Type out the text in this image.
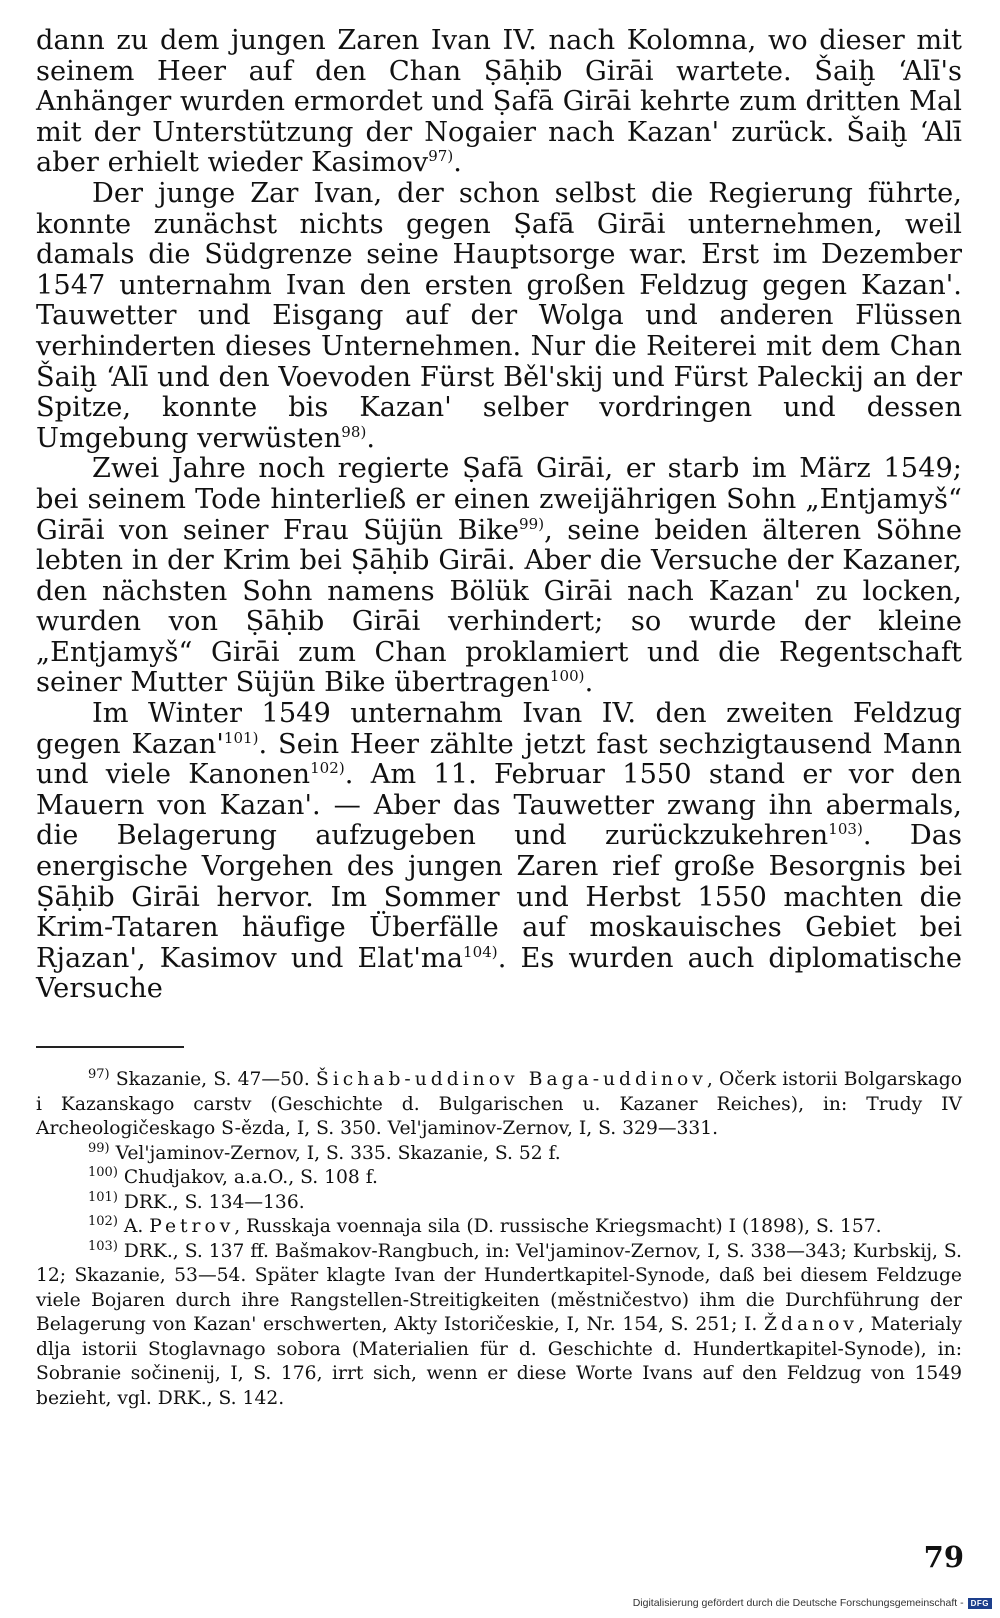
dann zu dem jungen Zaren Ivan IV. nach Kolomna, wo dieser mit seinem Heer auf den Chan Ṣāḥib Girāi wartete. Šaiḫ ‘Alī's Anhänger wurden ermordet und Ṣafā Girāi kehrte zum dritten Mal mit der Unterstützung der Nogaier nach Kazan' zurück. Šaiḫ ‘Alī aber erhielt wieder Kasimov$^{97)}$.

Der junge Zar Ivan, der schon selbst die Regierung führte, konnte zunächst nichts gegen Ṣafā Girāi unternehmen, weil damals die Südgrenze seine Hauptsorge war. Erst im Dezember 1547 unternahm Ivan den ersten großen Feldzug gegen Kazan'. Tauwetter und Eisgang auf der Wolga und anderen Flüssen verhinderten dieses Unternehmen. Nur die Reiterei mit dem Chan Šaiḫ ‘Alī und den Voevoden Fürst Běl'skij und Fürst Paleckij an der Spitze, konnte bis Kazan' selber vordringen und dessen Umgebung verwüsten$^{98)}$.

Zwei Jahre noch regierte Ṣafā Girāi, er starb im März 1549; bei seinem Tode hinterließ er einen zweijährigen Sohn „Entjamyš“ Girāi von seiner Frau Süjün Bike$^{99)}$, seine beiden älteren Söhne lebten in der Krim bei Ṣāḥib Girāi. Aber die Versuche der Kazaner, den nächsten Sohn namens Bölük Girāi nach Kazan' zu locken, wurden von Ṣāḥib Girāi verhindert; so wurde der kleine „Entjamyš“ Girāi zum Chan proklamiert und die Regentschaft seiner Mutter Süjün Bike übertragen$^{100)}$.

Im Winter 1549 unternahm Ivan IV. den zweiten Feldzug gegen $Kazan'^{101)}$. Sein Heer zählte jetzt fast sechzigtausend Mann und viele Kanonen$^{102)}$. Am 11. Februar 1550 stand er vor den Mauern von Kazan'. — Aber das Tauwetter zwang ihn abermals, die Belagerung aufzugeben und zurückzukehren$^{103)}$. Das energische Vorgehen des jungen Zaren rief große Besorgnis bei Ṣāḥib Girāi hervor. Im Sommer und Herbst 1550 machten die Krim-Tataren häufige Überfälle auf moskauisches Gebiet bei Rjazan', Kasimov und $Elat'ma^{104)}$. Es wurden auch diplomatische Versuche

$^{97)}$ Skazanie, S. 47—50. Šichab-uddinov Baga-uddinov, Očerk istorii Bolgarskago i Kazanskago carstv (Geschichte d. Bulgarischen u. Kazaner Reiches), in: Trudy IV Archeologičeskago S-ězda, I, S. 350. Vel'jaminov-Zernov, I, S. 329—331.

$^{99)}$ Vel'jaminov-Zernov, I, S. 335. Skazanie, S. 52 f.

$^{100)}$ Chudjakov, a.a.O., S. 108 f.

$^{101)}$ DRK., S. 134—136.

$^{102)}$ A. Petrov, Russkaja voennaja sila (D. russische Kriegsmacht) I (1898), S. 157.

$^{103)}$ DRK., S. 137 ff. Bašmakov-Rangbuch, in: Vel'jaminov-Zernov, I, S. 338—343; Kurbskij, S. 12; Skazanie, 53—54. Später klagte Ivan der Hundertkapitel-Synode, daß bei diesem Feldzuge viele Bojaren durch ihre Rangstellen-Streitigkeiten (městničestvo) ihm die Durchführung der Belagerung von Kazan' erschwerten, Akty Istoričeskie, I, Nr. 154, S. 251; I. Ždanov, Materialy dlja istorii Stoglavnago sobora (Materialien für d. Geschichte d. Hundertkapitel-Synode), in: Sobranie sočinenij, I, S. 176, irrt sich, wenn er diese Worte Ivans auf den Feldzug von 1549 bezieht, vgl. DRK., S. 142.

79
Digitalisierung gefördert durch die Deutsche Forschungsgemeinschaft - DFG
